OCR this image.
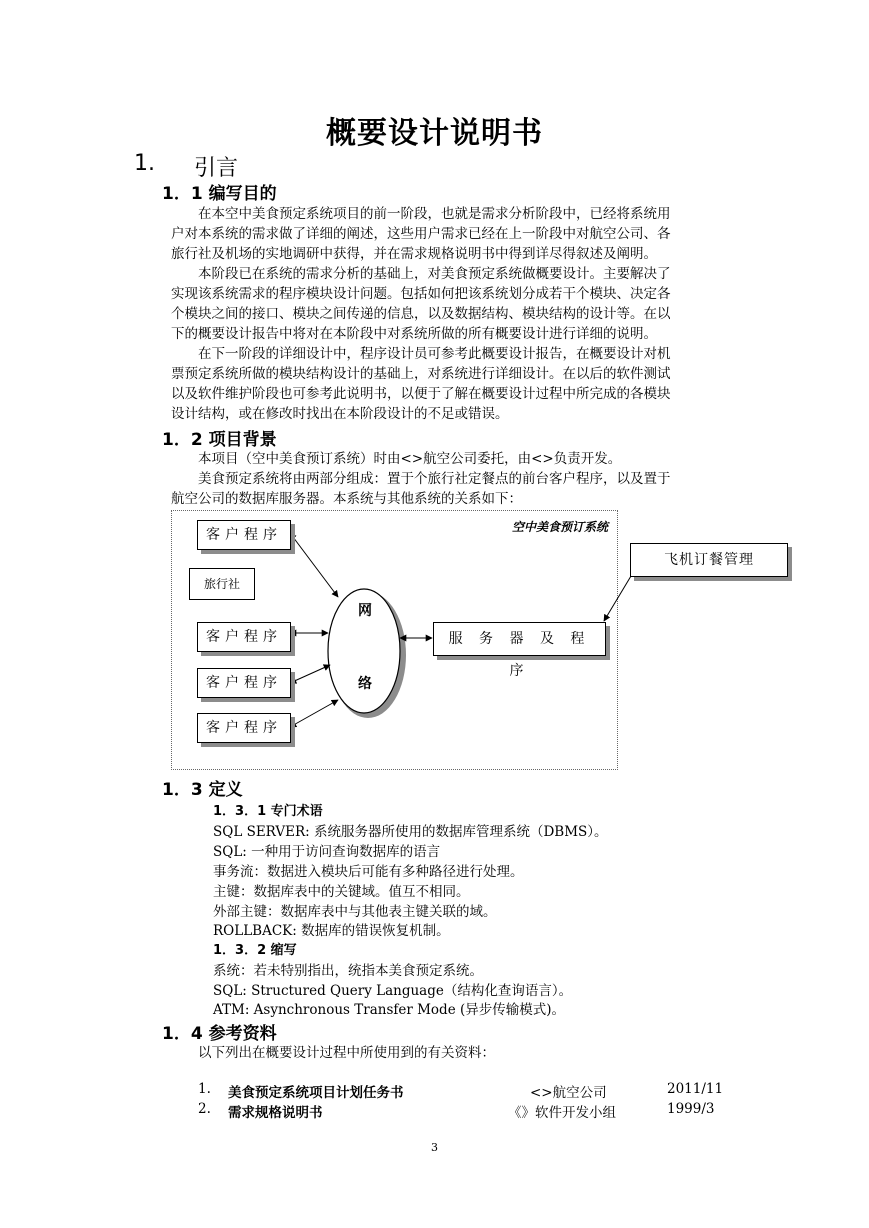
概要设计说明书
1. 引言
1．1 编写目的
在本空中美食预定系统项目的前一阶段，也就是需求分析阶段中，已经将系统用
户对本系统的需求做了详细的阐述，这些用户需求已经在上一阶段中对航空公司、各
旅行社及机场的实地调研中获得，并在需求规格说明书中得到详尽得叙述及阐明。
本阶段已在系统的需求分析的基础上，对美食预定系统做概要设计。主要解决了
实现该系统需求的程序模块设计问题。包括如何把该系统划分成若干个模块、决定各
个模块之间的接口、模块之间传递的信息，以及数据结构、模块结构的设计等。在以
下的概要设计报告中将对在本阶段中对系统所做的所有概要设计进行详细的说明。
在下一阶段的详细设计中，程序设计员可参考此概要设计报告，在概要设计对机
票预定系统所做的模块结构设计的基础上，对系统进行详细设计。在以后的软件测试
以及软件维护阶段也可参考此说明书，以便于了解在概要设计过程中所完成的各模块
设计结构，或在修改时找出在本阶段设计的不足或错误。
1．2 项目背景
本项目（空中美食预订系统）时由<>航空公司委托，由<>负责开发。
美食预定系统将由两部分组成：置于个旅行社定餐点的前台客户程序，以及置于
航空公司的数据库服务器。本系统与其他系统的关系如下：
空中美食预订系统
客户程序
旅行社
客户程序
客户程序
客户程序
网
络
服 务 器 及 程 序
飞机订餐管理
1．3 定义
1．3．1 专门术语
SQL SERVER: 系统服务器所使用的数据库管理系统（DBMS）。
SQL: 一种用于访问查询数据库的语言
事务流：数据进入模块后可能有多种路径进行处理。
主键：数据库表中的关键域。值互不相同。
外部主键：数据库表中与其他表主键关联的域。
ROLLBACK: 数据库的错误恢复机制。
1．3．2 缩写
系统：若未特别指出，统指本美食预定系统。
SQL: Structured Query Language（结构化查询语言）。
ATM: Asynchronous Transfer Mode (异步传输模式)。
1．4 参考资料
以下列出在概要设计过程中所使用到的有关资料：
1. 美食预定系统项目计划任务书	<>航空公司	2011/11
2. 需求规格说明书	《》软件开发小组	1999/3
3
